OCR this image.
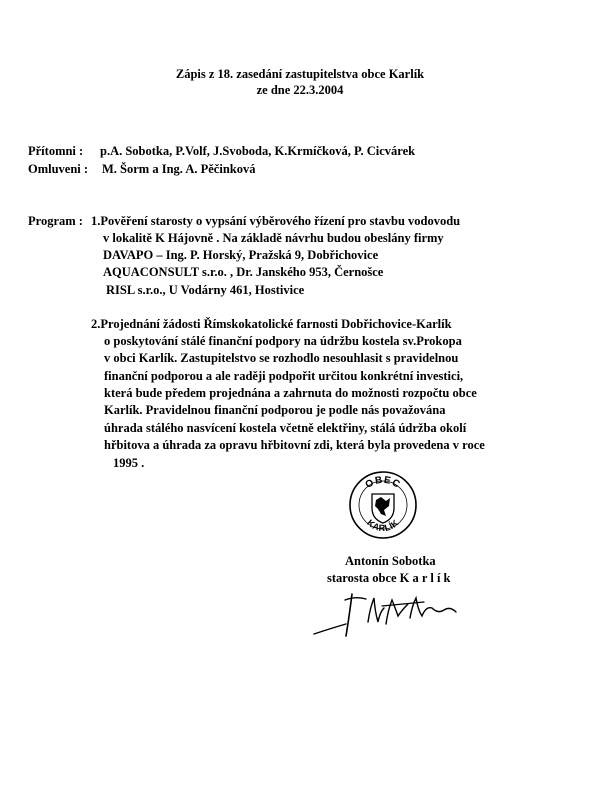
Zápis z 18. zasedání zastupitelstva obce Karlík
ze dne 22.3.2004
Přítomni : p.A. Sobotka, P.Volf, J.Svoboda, K.Krmíčková, P. Cicvárek
Omluveni : M. Šorm a Ing. A. Pěčinková
Program : 1.Pověření starosty o vypsání výběrového řízení pro stavbu vodovodu
v lokalitě K Hájovně . Na základě návrhu budou obeslány firmy
DAVAPO – Ing. P. Horský, Pražská 9, Dobřichovice
AQUACONSULT s.r.o. , Dr. Janského 953, Černošce
RISL s.r.o., U Vodárny 461, Hostivice
2.Projednání žádosti Římskokatolické farnosti Dobřichovice-Karlík
o poskytování stálé finanční podpory na údržbu kostela sv.Prokopa
v obci Karlík. Zastupitelstvo se rozhodlo nesouhlasit s pravidelnou
finanční podporou a ale raději podpořit určitou konkrétní investici,
která bude předem projednána a zahrnuta do možnosti rozpočtu obce
Karlík. Pravidelnou finanční podporou je podle nás považována
úhrada stálého nasvícení kostela včetně elektřiny, stálá údržba okolí
hřbitova a úhrada za opravu hřbitovní zdi, která byla provedena v roce
1995 .
OBEC
KARLÍK
Antonín Sobotka
starosta obce K a r l í k
